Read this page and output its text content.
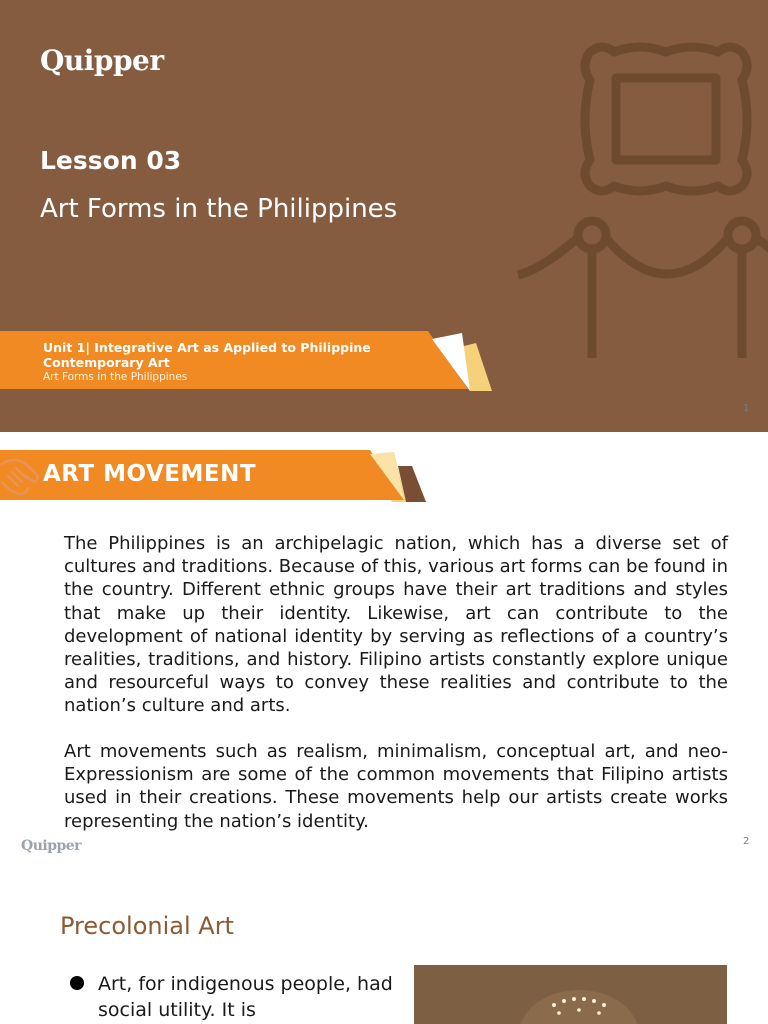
Quipper
Lesson 03
Art Forms in the Philippines
Unit 1| Integrative Art as Applied to Philippine Contemporary Art
Art Forms in the Philippines
1
ART MOVEMENT
The Philippines is an archipelagic nation, which has a diverse set of cultures and traditions. Because of this, various art forms can be found in the country. Different ethnic groups have their art traditions and styles that make up their identity. Likewise, art can contribute to the development of national identity by serving as reflections of a country’s realities, traditions, and history. Filipino artists constantly explore unique and resourceful ways to convey these realities and contribute to the nation’s culture and arts.
Art movements such as realism, minimalism, conceptual art, and neo-Expressionism are some of the common movements that Filipino artists used in their creations. These movements help our artists create works representing the nation’s identity.
Quipper	2
Precolonial Art
Art, for indigenous people, had social utility. It is
